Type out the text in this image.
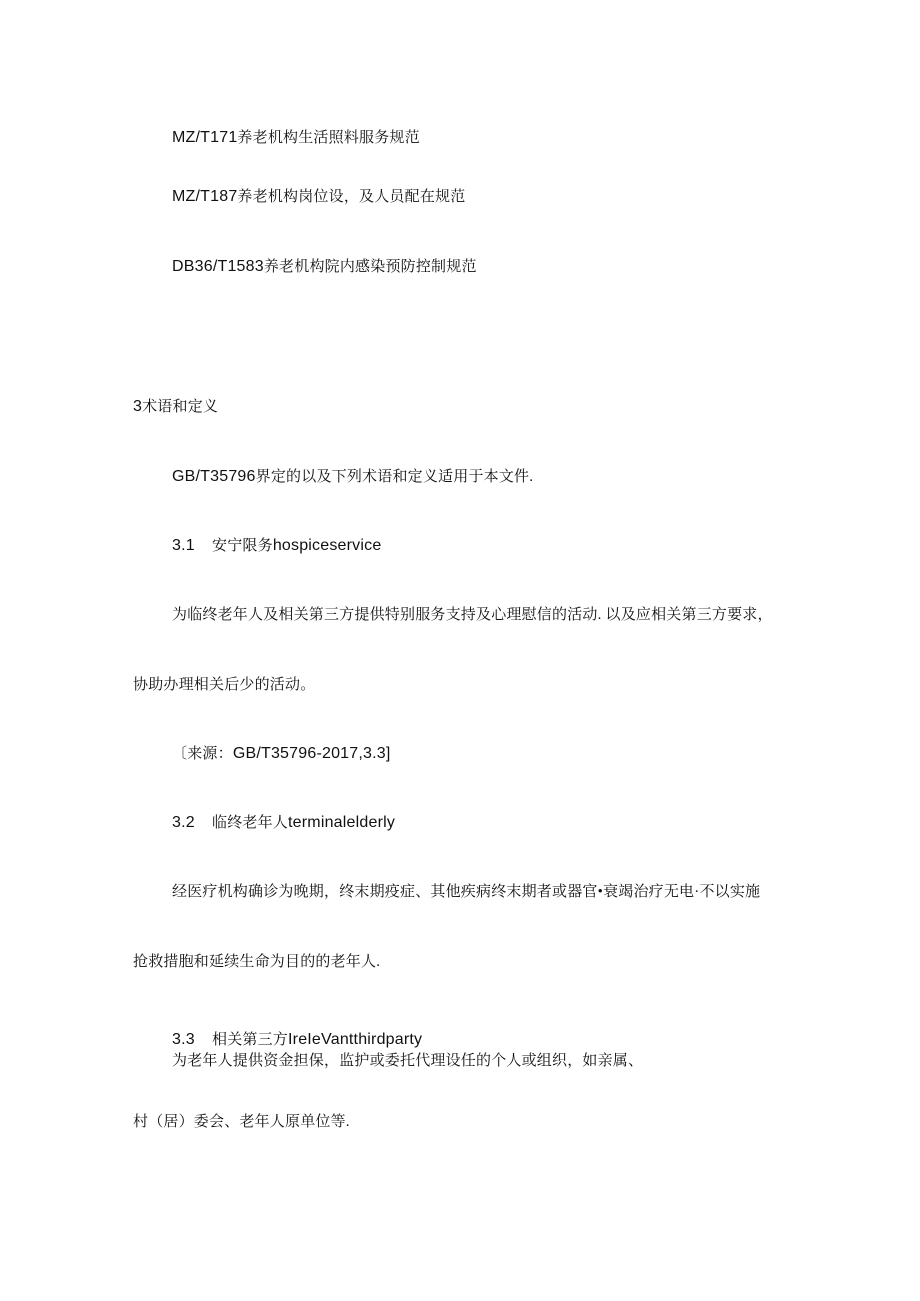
MZ/T171养老机构生活照料服务规范
MZ/T187养老机构岗位设，及人员配在规范
DB36/T1583养老机构院内感染预防控制规范
3术语和定义
GB/T35796界定的以及下列术语和定义适用于本文件.
3.1 安宁限务hospiceservice
为临终老年人及相关第三方提供特别服务支持及心理慰信的活动. 以及应相关第三方要求，
协助办理相关后少的活动。
〔来源：GB/T35796-2017,3.3]
3.2 临终老年人terminalelderly
经医疗机构确诊为晚期，终末期疫症、其他疾病终末期者或器官•衰竭治疗无电·不以实施
抢救措胞和延续生命为目的的老年人.
3.3 相关第三方IreIeVantthirdparty
为老年人提供资金担保，监护或委托代理设任的个人或组织，如亲属、
村（居）委会、老年人原单位等.
